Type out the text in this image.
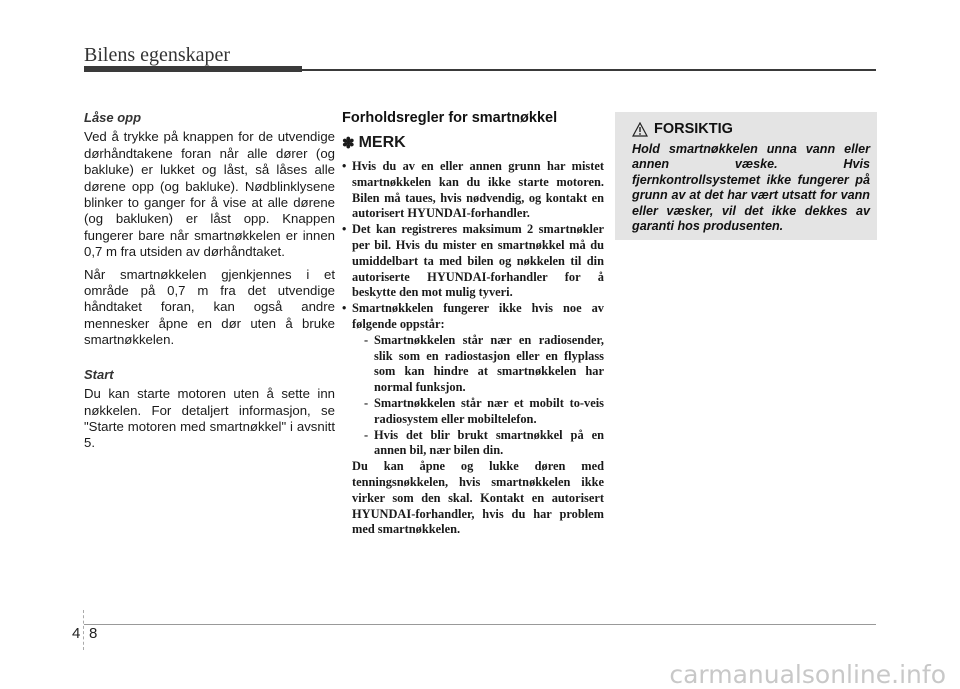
Bilens egenskaper

Låse opp

Ved å trykke på knappen for de utvendige dørhåndtakene foran når alle dører (og bakluke) er lukket og låst, så låses alle dørene opp (og bakluke). Nødblinklysene blinker to ganger for å vise at alle dørene (og bakluken) er låst opp. Knappen fungerer bare når smartnøkkelen er innen 0,7 m fra utsiden av dørhåndtaket.

Når smartnøkkelen gjenkjennes i et område på 0,7 m fra det utvendige håndtaket foran, kan også andre mennesker åpne en dør uten å bruke smartnøkkelen.

Start

Du kan starte motoren uten å sette inn nøkkelen. For detaljert informasjon, se "Starte motoren med smartnøkkel" i avsnitt 5.

Forholdsregler for smartnøkkel
✽ MERK
• Hvis du av en eller annen grunn har mistet smartnøkkelen kan du ikke starte motoren. Bilen må taues, hvis nødvendig, og kontakt en autorisert HYUNDAI-forhandler.
• Det kan registreres maksimum 2 smartnøkler per bil. Hvis du mister en smartnøkkel må du umiddelbart ta med bilen og nøkkelen til din autoriserte HYUNDAI-forhandler for å beskytte den mot mulig tyveri.
• Smartnøkkelen fungerer ikke hvis noe av følgende oppstår:
- Smartnøkkelen står nær en radiosender, slik som en radiostasjon eller en flyplass som kan hindre at smartnøkkelen har normal funksjon.
- Smartnøkkelen står nær et mobilt to-veis radiosystem eller mobiltelefon.
- Hvis det blir brukt smartnøkkel på en annen bil, nær bilen din.
Du kan åpne og lukke døren med tenningsnøkkelen, hvis smartnøkkelen ikke virker som den skal. Kontakt en autorisert HYUNDAI-forhandler, hvis du har problem med smartnøkkelen.
FORSIKTIG
Hold smartnøkkelen unna vann eller annen væske. Hvis fjernkontrollsystemet ikke fungerer på grunn av at det har vært utsatt for vann eller væsker, vil det ikke dekkes av garanti hos produsenten.
4 8
carmanualsonline.info
